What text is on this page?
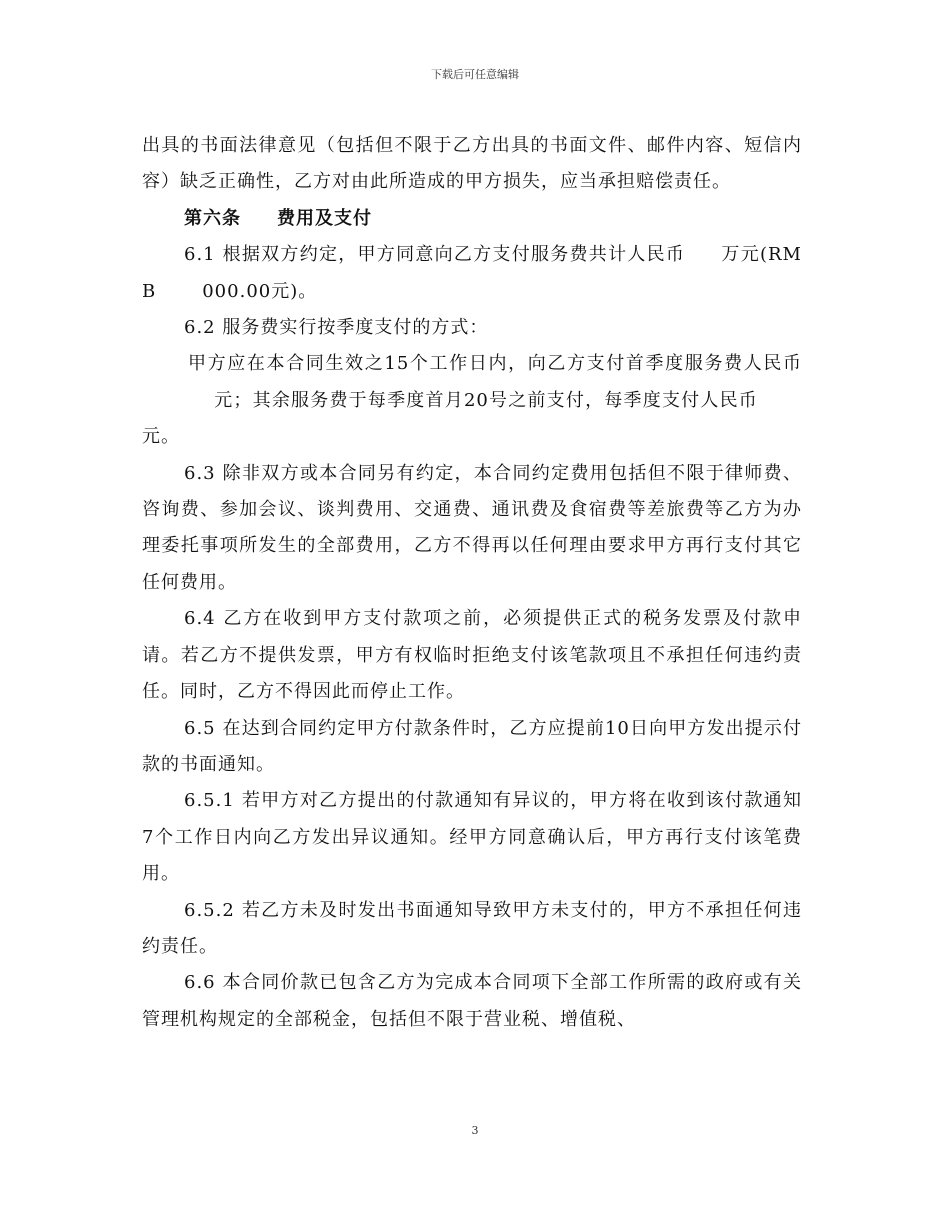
下载后可任意编辑

出具的书面法律意见（包括但不限于乙方出具的书面文件、邮件内容、短信内容）缺乏正确性，乙方对由此所造成的甲方损失，应当承担赔偿责任。

第六条 费用及支付

6.1 根据双方约定，甲方同意向乙方支付服务费共计人民币 万元(RMB	000.00元)。

6.2 服务费实行按季度支付的方式：

甲方应在本合同生效之15个工作日内，向乙方支付首季度服务费人民币元；其余服务费于每季度首月20号之前支付，每季度支付人民币元。

6.3 除非双方或本合同另有约定，本合同约定费用包括但不限于律师费、咨询费、参加会议、谈判费用、交通费、通讯费及食宿费等差旅费等乙方为办理委托事项所发生的全部费用，乙方不得再以任何理由要求甲方再行支付其它任何费用。

6.4 乙方在收到甲方支付款项之前，必须提供正式的税务发票及付款申请。若乙方不提供发票，甲方有权临时拒绝支付该笔款项且不承担任何违约责任。同时，乙方不得因此而停止工作。

6.5 在达到合同约定甲方付款条件时，乙方应提前10日向甲方发出提示付款的书面通知。

6.5.1 若甲方对乙方提出的付款通知有异议的，甲方将在收到该付款通知7个工作日内向乙方发出异议通知。经甲方同意确认后，甲方再行支付该笔费用。

6.5.2 若乙方未及时发出书面通知导致甲方未支付的，甲方不承担任何违约责任。

6.6 本合同价款已包含乙方为完成本合同项下全部工作所需的政府或有关管理机构规定的全部税金，包括但不限于营业税、增值税、

3
